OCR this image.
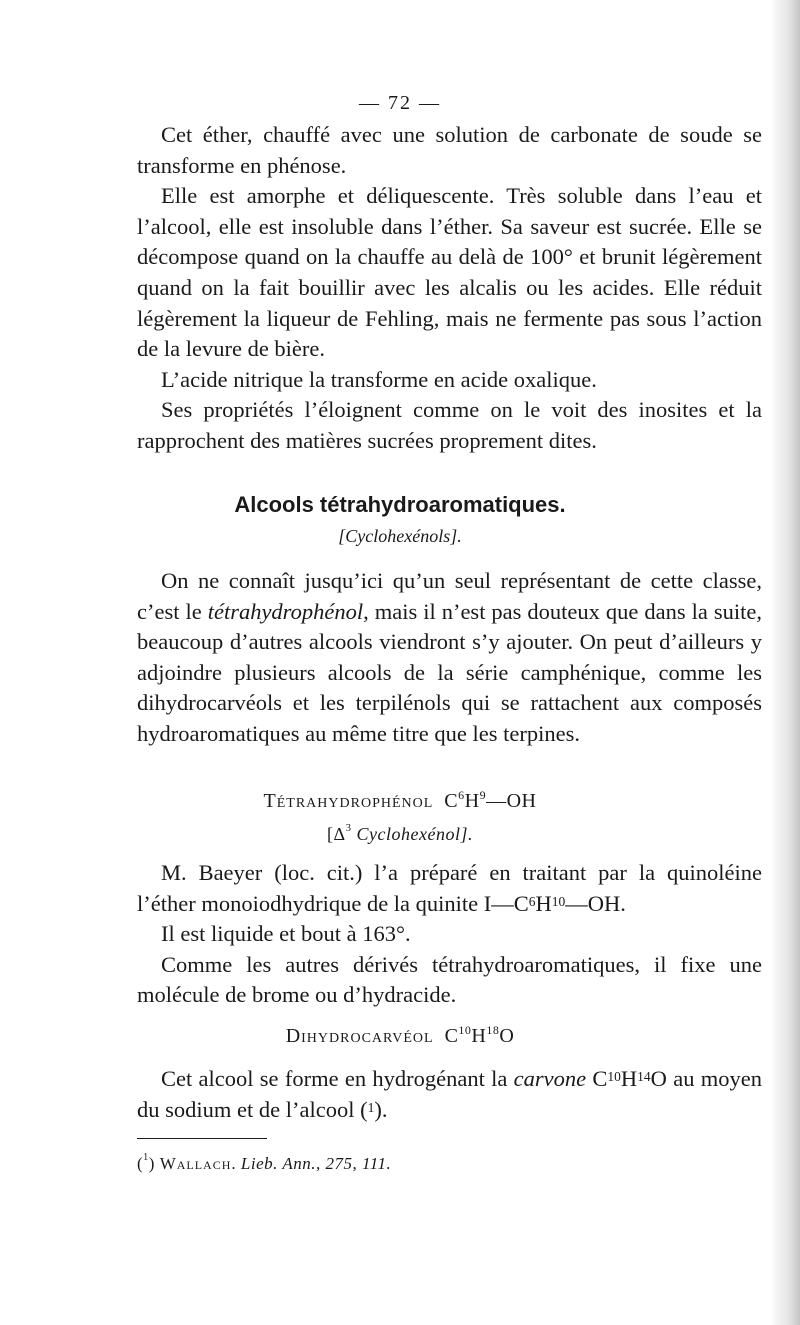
— 72 —

Cet éther, chauffé avec une solution de carbonate de soude se transforme en phénose.

Elle est amorphe et déliquescente. Très soluble dans l’eau et l’alcool, elle est insoluble dans l’éther. Sa saveur est sucrée. Elle se décompose quand on la chauffe au delà de 100° et brunit légèrement quand on la fait bouillir avec les alcalis ou les acides. Elle réduit légèrement la liqueur de Fehling, mais ne fermente pas sous l’action de la levure de bière.

L’acide nitrique la transforme en acide oxalique.

Ses propriétés l’éloignent comme on le voit des inosites et la rapprochent des matières sucrées proprement dites.

Alcools tétrahydroaromatiques.
[Cyclohexénols].

On ne connaît jusqu’ici qu’un seul représentant de cette classe, c’est le tétrahydrophénol, mais il n’est pas douteux que dans la suite, beaucoup d’autres alcools viendront s’y ajouter. On peut d’ailleurs y adjoindre plusieurs alcools de la série camphénique, comme les dihydrocarvéols et les terpilénols qui se rattachent aux composés hydroaromatiques au même titre que les terpines.

Tétrahydrophénol $C^6H^9—OH$
[$\Delta^3$ Cyclohexénol].

M. Baeyer (loc. cit.) l’a préparé en traitant par la quinoléine l’éther monoiodhydrique de la quinite $I—C^6H^{10}—OH$.

Il est liquide et bout à 163°.

Comme les autres dérivés tétrahydroaromatiques, il fixe une molécule de brome ou d’hydracide.

Dihydrocarvéol $C^{10}H^{18}O$

Cet alcool se forme en hydrogénant la carvone $C^{10}H^{14}O$ au moyen du sodium et de l’alcool ($^1$).

($^1$) Wallach. Lieb. Ann., 275, 111.
